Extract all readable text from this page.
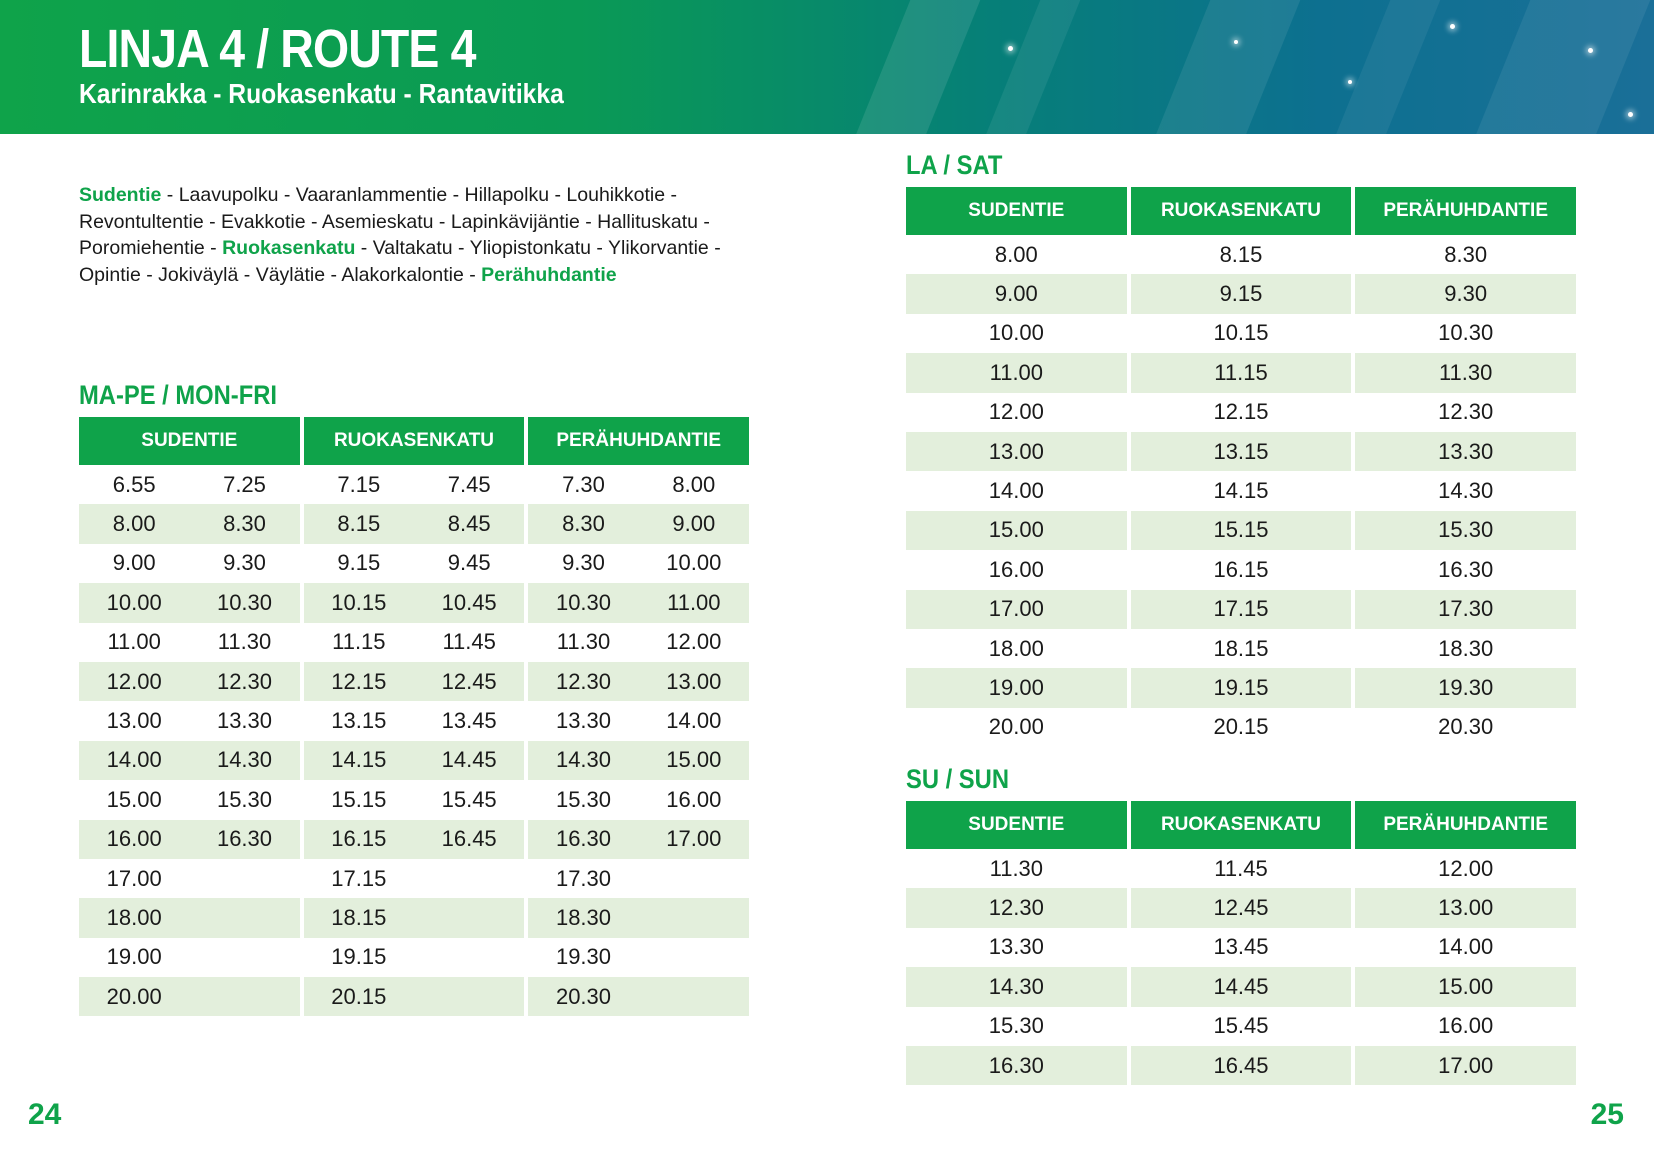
LINJA 4 / ROUTE 4
Karinrakka - Ruokasenkatu - Rantavitikka

Sudentie - Laavupolku - Vaaranlammentie - Hillapolku - Louhikkotie - Revontultentie - Evakkotie - Asemieskatu - Lapinkävijäntie - Hallituskatu - Poromiehentie - Ruokasenkatu - Valtakatu - Yliopistonkatu - Ylikorvantie - Opintie - Jokiväylä - Väylätie - Alakorkalontie - Perähuhdantie

MA-PE / MON-FRI
SUDENTIE	RUOKASENKATU	PERÄHUHDANTIE

6.55 7.25	7.15 7.45	7.30 8.00

8.00 8.30	8.15 8.45	8.30 9.00

9.00 9.30	9.15 9.45	9.30 10.00

10.00 10.30	10.15 10.45	10.30 11.00

11.00 11.30	11.15 11.45	11.30 12.00

12.00 12.30	12.15 12.45	12.30 13.00

13.00 13.30	13.15 13.45	13.30 14.00

14.00 14.30	14.15 14.45	14.30 15.00

15.00 15.30	15.15 15.45	15.30 16.00

16.00 16.30	16.15 16.45	16.30 17.00

17.00	17.15	17.30

18.00	18.15	18.30

19.00	19.15	19.30

20.00	20.15	20.30
LA / SAT
SUDENTIE	RUOKASENKATU	PERÄHUHDANTIE
8.00	8.15	8.30
9.00	9.15	9.30
10.00	10.15	10.30
11.00	11.15	11.30
12.00	12.15	12.30
13.00	13.15	13.30
14.00	14.15	14.30
15.00	15.15	15.30
16.00	16.15	16.30
17.00	17.15	17.30
18.00	18.15	18.30
19.00	19.15	19.30
20.00	20.15	20.30
SU / SUN
SUDENTIE	RUOKASENKATU	PERÄHUHDANTIE
11.30	11.45	12.00
12.30	12.45	13.00
13.30	13.45	14.00
14.30	14.45	15.00
15.30	15.45	16.00
16.30	16.45	17.00
24	25
